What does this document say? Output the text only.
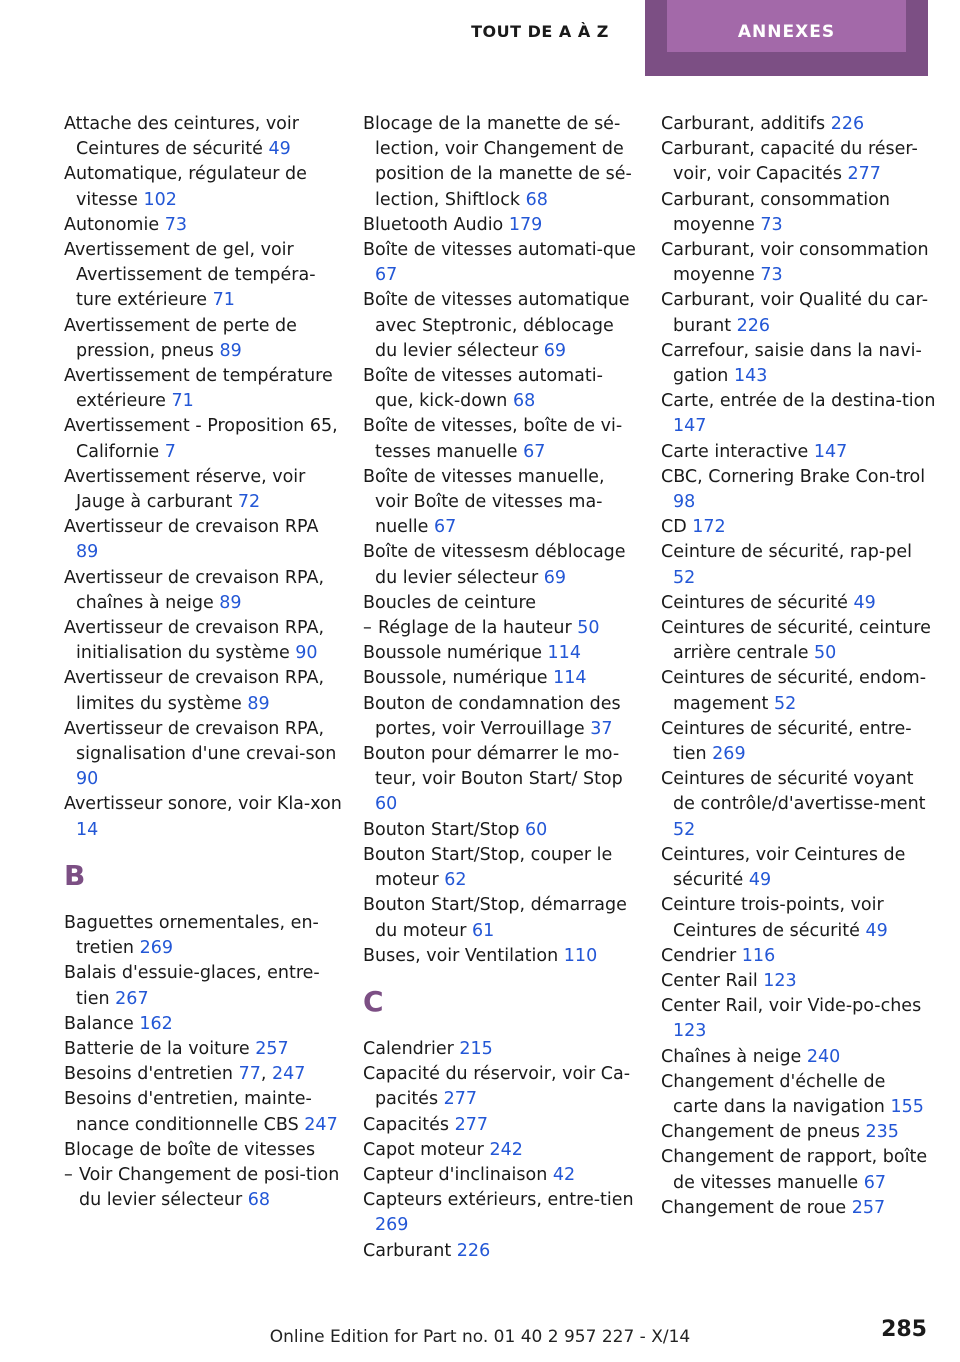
TOUT DE A À Z	ANNEXES
Attache des ceintures, voir Ceintures de sécurité 49
Automatique, régulateur de vitesse 102
Autonomie 73
Avertissement de gel, voir Avertissement de tempéra-ture extérieure 71
Avertissement de perte de pression, pneus 89
Avertissement de température extérieure 71
Avertissement - Proposition 65, Californie 7
Avertissement réserve, voir Jauge à carburant 72
Avertisseur de crevaison RPA 89
Avertisseur de crevaison RPA, chaînes à neige 89
Avertisseur de crevaison RPA, initialisation du système 90
Avertisseur de crevaison RPA, limites du système 89
Avertisseur de crevaison RPA, signalisation d'une crevai-son 90
Avertisseur sonore, voir Kla-xon 14
B
Baguettes ornementales, en-tretien 269
Balais d'essuie-glaces, entre-tien 267
Balance 162
Batterie de la voiture 257
Besoins d'entretien 77, 247
Besoins d'entretien, mainte-nance conditionnelle CBS 247
Blocage de boîte de vitesses
– Voir Changement de posi-tion du levier sélecteur 68
Blocage de la manette de sé-lection, voir Changement de position de la manette de sé-lection, Shiftlock 68
Bluetooth Audio 179
Boîte de vitesses automati-que 67
Boîte de vitesses automatique avec Steptronic, déblocage du levier sélecteur 69
Boîte de vitesses automati-que, kick-down 68
Boîte de vitesses, boîte de vi-tesses manuelle 67
Boîte de vitesses manuelle, voir Boîte de vitesses ma-nuelle 67
Boîte de vitessesm déblocage du levier sélecteur 69
Boucles de ceinture
– Réglage de la hauteur 50
Boussole numérique 114
Boussole, numérique 114
Bouton de condamnation des portes, voir Verrouillage 37
Bouton pour démarrer le mo-teur, voir Bouton Start/ Stop 60
Bouton Start/Stop 60
Bouton Start/Stop, couper le moteur 62
Bouton Start/Stop, démarrage du moteur 61
Buses, voir Ventilation 110
C
Calendrier 215
Capacité du réservoir, voir Ca-pacités 277
Capacités 277
Capot moteur 242
Capteur d'inclinaison 42
Capteurs extérieurs, entre-tien 269
Carburant 226
Carburant, additifs 226
Carburant, capacité du réser-voir, voir Capacités 277
Carburant, consommation moyenne 73
Carburant, voir consommation moyenne 73
Carburant, voir Qualité du car-burant 226
Carrefour, saisie dans la navi-gation 143
Carte, entrée de la destina-tion 147
Carte interactive 147
CBC, Cornering Brake Con-trol 98
CD 172
Ceinture de sécurité, rap-pel 52
Ceintures de sécurité 49
Ceintures de sécurité, ceinture arrière centrale 50
Ceintures de sécurité, endom-magement 52
Ceintures de sécurité, entre-tien 269
Ceintures de sécurité voyant de contrôle/d'avertisse-ment 52
Ceintures, voir Ceintures de sécurité 49
Ceinture trois-points, voir Ceintures de sécurité 49
Cendrier 116
Center Rail 123
Center Rail, voir Vide-po-ches 123
Chaînes à neige 240
Changement d'échelle de carte dans la navigation 155
Changement de pneus 235
Changement de rapport, boîte de vitesses manuelle 67
Changement de roue 257
285
Online Edition for Part no. 01 40 2 957 227 - X/14
